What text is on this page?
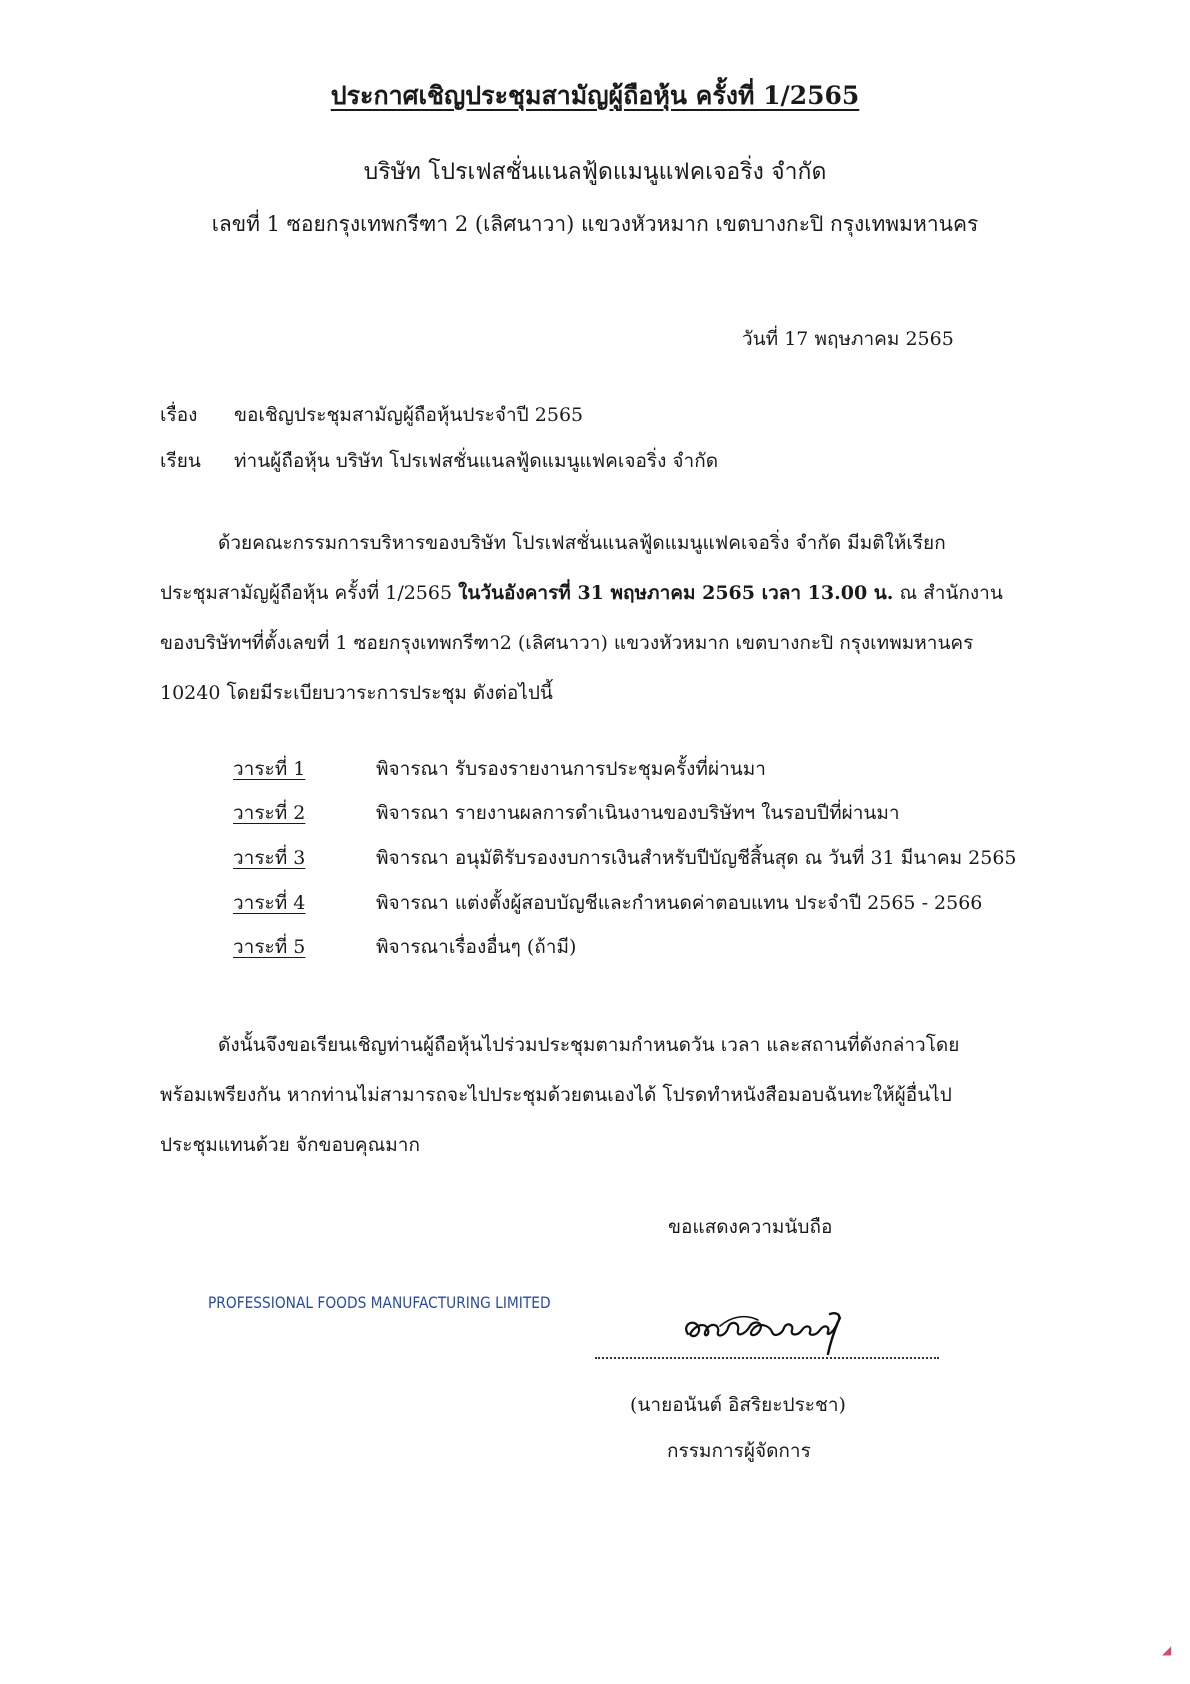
ประกาศเชิญประชุมสามัญผู้ถือหุ้น ครั้งที่ 1/2565
บริษัท โปรเฟสชั่นแนลฟู้ดแมนูแฟคเจอริ่ง จำกัด
เลขที่ 1 ซอยกรุงเทพกรีฑา 2 (เลิศนาวา) แขวงหัวหมาก เขตบางกะปิ กรุงเทพมหานคร
วันที่ 17 พฤษภาคม 2565
เรื่อง ขอเชิญประชุมสามัญผู้ถือหุ้นประจำปี 2565
เรียน ท่านผู้ถือหุ้น บริษัท โปรเฟสชั่นแนลฟู้ดแมนูแฟคเจอริ่ง จำกัด
ด้วยคณะกรรมการบริหารของบริษัท โปรเฟสชั่นแนลฟู้ดแมนูแฟคเจอริ่ง จำกัด มีมติให้เรียก
ประชุมสามัญผู้ถือหุ้น ครั้งที่ 1/2565 ในวันอังคารที่ 31 พฤษภาคม 2565 เวลา 13.00 น. ณ สำนักงาน
ของบริษัทฯที่ตั้งเลขที่ 1 ซอยกรุงเทพกรีฑา2 (เลิศนาวา) แขวงหัวหมาก เขตบางกะปิ กรุงเทพมหานคร
10240 โดยมีระเบียบวาระการประชุม ดังต่อไปนี้
วาระที่ 1	พิจารณา รับรองรายงานการประชุมครั้งที่ผ่านมา
วาระที่ 2	พิจารณา รายงานผลการดำเนินงานของบริษัทฯ ในรอบปีที่ผ่านมา
วาระที่ 3	พิจารณา อนุมัติรับรองงบการเงินสำหรับปีบัญชีสิ้นสุด ณ วันที่ 31 มีนาคม 2565
วาระที่ 4	พิจารณา แต่งตั้งผู้สอบบัญชีและกำหนดค่าตอบแทน ประจำปี 2565 - 2566
วาระที่ 5	พิจารณาเรื่องอื่นๆ (ถ้ามี)
ดังนั้นจึงขอเรียนเชิญท่านผู้ถือหุ้นไปร่วมประชุมตามกำหนดวัน เวลา และสถานที่ดังกล่าวโดย
พร้อมเพรียงกัน หากท่านไม่สามารถจะไปประชุมด้วยตนเองได้ โปรดทำหนังสือมอบฉันทะให้ผู้อื่นไป
ประชุมแทนด้วย จักขอบคุณมาก
ขอแสดงความนับถือ
PROFESSIONAL FOODS MANUFACTURING LIMITED
(นายอนันต์ อิสริยะประชา)
กรรมการผู้จัดการ
◢
